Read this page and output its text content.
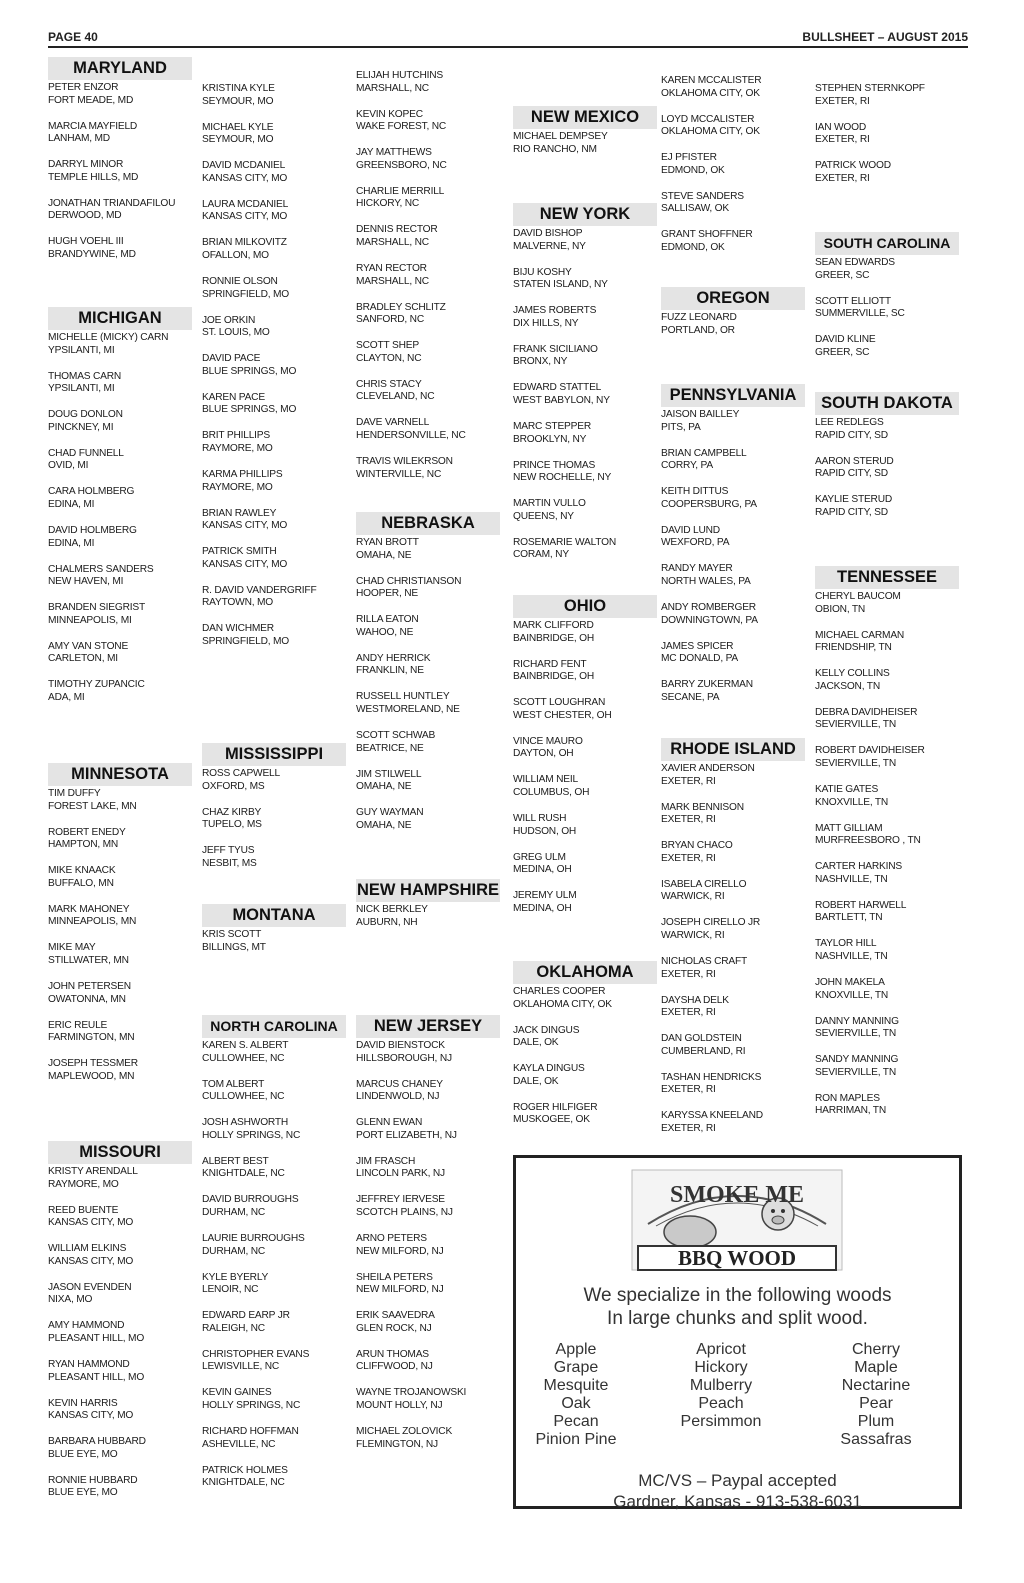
PAGE 40	BULLSHEET – AUGUST 2015
MARYLAND
PETER ENZOR
FORT MEADE, MD
MARCIA MAYFIELD
LANHAM, MD
DARRYL MINOR
TEMPLE HILLS, MD
JONATHAN TRIANDAFILOU
DERWOOD, MD
HUGH VOEHL III
BRANDYWINE, MD
MICHIGAN
MICHELLE (MICKY) CARN
YPSILANTI, MI
THOMAS CARN
YPSILANTI, MI
DOUG DONLON
PINCKNEY, MI
CHAD FUNNELL
OVID, MI
CARA HOLMBERG
EDINA, MI
DAVID HOLMBERG
EDINA, MI
CHALMERS SANDERS
NEW HAVEN, MI
BRANDEN SIEGRIST
MINNEAPOLIS, MI
AMY VAN STONE
CARLETON, MI
TIMOTHY ZUPANCIC
ADA, MI
MINNESOTA
TIM DUFFY
FOREST LAKE, MN
ROBERT ENEDY
HAMPTON, MN
MIKE KNAACK
BUFFALO, MN
MARK MAHONEY
MINNEAPOLIS, MN
MIKE MAY
STILLWATER, MN
JOHN PETERSEN
OWATONNA, MN
ERIC REULE
FARMINGTON, MN
JOSEPH TESSMER
MAPLEWOOD, MN
MISSOURI
KRISTY ARENDALL
RAYMORE, MO
REED BUENTE
KANSAS CITY, MO
WILLIAM ELKINS
KANSAS CITY, MO
JASON EVENDEN
NIXA, MO
AMY HAMMOND
PLEASANT HILL, MO
RYAN HAMMOND
PLEASANT HILL, MO
KEVIN HARRIS
KANSAS CITY, MO
BARBARA HUBBARD
BLUE EYE, MO
RONNIE HUBBARD
BLUE EYE, MO
KRISTINA KYLE
SEYMOUR, MO
MICHAEL KYLE
SEYMOUR, MO
DAVID MCDANIEL
KANSAS CITY, MO
LAURA MCDANIEL
KANSAS CITY, MO
BRIAN MILKOVITZ
OFALLON, MO
RONNIE OLSON
SPRINGFIELD, MO
JOE ORKIN
ST. LOUIS, MO
DAVID PACE
BLUE SPRINGS, MO
KAREN PACE
BLUE SPRINGS, MO
BRIT PHILLIPS
RAYMORE, MO
KARMA PHILLIPS
RAYMORE, MO
BRIAN RAWLEY
KANSAS CITY, MO
PATRICK SMITH
KANSAS CITY, MO
R. DAVID VANDERGRIFF
RAYTOWN, MO
DAN WICHMER
SPRINGFIELD, MO
MISSISSIPPI
ROSS CAPWELL
OXFORD, MS
CHAZ KIRBY
TUPELO, MS
JEFF TYUS
NESBIT, MS
MONTANA
KRIS SCOTT
BILLINGS, MT
NORTH CAROLINA
KAREN S. ALBERT
CULLOWHEE, NC
TOM ALBERT
CULLOWHEE, NC
JOSH ASHWORTH
HOLLY SPRINGS, NC
ALBERT BEST
KNIGHTDALE, NC
DAVID BURROUGHS
DURHAM, NC
LAURIE BURROUGHS
DURHAM, NC
KYLE BYERLY
LENOIR, NC
EDWARD EARP JR
RALEIGH, NC
CHRISTOPHER EVANS
LEWISVILLE, NC
KEVIN GAINES
HOLLY SPRINGS, NC
RICHARD HOFFMAN
ASHEVILLE, NC
PATRICK HOLMES
KNIGHTDALE, NC
ELIJAH HUTCHINS
MARSHALL, NC
KEVIN KOPEC
WAKE FOREST, NC
JAY MATTHEWS
GREENSBORO, NC
CHARLIE MERRILL
HICKORY, NC
DENNIS RECTOR
MARSHALL, NC
RYAN RECTOR
MARSHALL, NC
BRADLEY SCHLITZ
SANFORD, NC
SCOTT SHEP
CLAYTON, NC
CHRIS STACY
CLEVELAND, NC
DAVE VARNELL
HENDERSONVILLE, NC
TRAVIS WILEKRSON
WINTERVILLE, NC
NEBRASKA
RYAN BROTT
OMAHA, NE
CHAD CHRISTIANSON
HOOPER, NE
RILLA EATON
WAHOO, NE
ANDY HERRICK
FRANKLIN, NE
RUSSELL HUNTLEY
WESTMORELAND, NE
SCOTT SCHWAB
BEATRICE, NE
JIM STILWELL
OMAHA, NE
GUY WAYMAN
OMAHA, NE
NEW HAMPSHIRE
NICK BERKLEY
AUBURN, NH
NEW JERSEY
DAVID BIENSTOCK
HILLSBOROUGH, NJ
MARCUS CHANEY
LINDENWOLD, NJ
GLENN EWAN
PORT ELIZABETH, NJ
JIM FRASCH
LINCOLN PARK, NJ
JEFFREY IERVESE
SCOTCH PLAINS, NJ
ARNO PETERS
NEW MILFORD, NJ
SHEILA PETERS
NEW MILFORD, NJ
ERIK SAAVEDRA
GLEN ROCK, NJ
ARUN THOMAS
CLIFFWOOD, NJ
WAYNE TROJANOWSKI
MOUNT HOLLY, NJ
MICHAEL ZOLOVICK
FLEMINGTON, NJ
NEW MEXICO
MICHAEL DEMPSEY
RIO RANCHO, NM
NEW YORK
DAVID BISHOP
MALVERNE, NY
BIJU KOSHY
STATEN ISLAND, NY
JAMES ROBERTS
DIX HILLS, NY
FRANK SICILIANO
BRONX, NY
EDWARD STATTEL
WEST BABYLON, NY
MARC STEPPER
BROOKLYN, NY
PRINCE THOMAS
NEW ROCHELLE, NY
MARTIN VULLO
QUEENS, NY
ROSEMARIE WALTON
CORAM, NY
OHIO
MARK CLIFFORD
BAINBRIDGE, OH
RICHARD FENT
BAINBRIDGE, OH
SCOTT LOUGHRAN
WEST CHESTER, OH
VINCE MAURO
DAYTON, OH
WILLIAM NEIL
COLUMBUS, OH
WILL RUSH
HUDSON, OH
GREG ULM
MEDINA, OH
JEREMY ULM
MEDINA, OH
OKLAHOMA
CHARLES COOPER
OKLAHOMA CITY, OK
JACK DINGUS
DALE, OK
KAYLA DINGUS
DALE, OK
ROGER HILFIGER
MUSKOGEE, OK
KAREN MCCALISTER
OKLAHOMA CITY, OK
LOYD MCCALISTER
OKLAHOMA CITY, OK
EJ PFISTER
EDMOND, OK
STEVE SANDERS
SALLISAW, OK
GRANT SHOFFNER
EDMOND, OK
OREGON
FUZZ LEONARD
PORTLAND, OR
PENNSYLVANIA
JAISON BAILLEY
PITS, PA
BRIAN CAMPBELL
CORRY, PA
KEITH DITTUS
COOPERSBURG, PA
DAVID LUND
WEXFORD, PA
RANDY MAYER
NORTH WALES, PA
ANDY ROMBERGER
DOWNINGTOWN, PA
JAMES SPICER
MC DONALD, PA
BARRY ZUKERMAN
SECANE, PA
RHODE ISLAND
XAVIER ANDERSON
EXETER, RI
MARK BENNISON
EXETER, RI
BRYAN CHACO
EXETER, RI
ISABELA CIRELLO
WARWICK, RI
JOSEPH CIRELLO JR
WARWICK, RI
NICHOLAS CRAFT
EXETER, RI
DAYSHA DELK
EXETER, RI
DAN GOLDSTEIN
CUMBERLAND, RI
TASHAN HENDRICKS
EXETER, RI
KARYSSA KNEELAND
EXETER, RI
STEPHEN STERNKOPF
EXETER, RI
IAN WOOD
EXETER, RI
PATRICK WOOD
EXETER, RI
SOUTH CAROLINA
SEAN EDWARDS
GREER, SC
SCOTT ELLIOTT
SUMMERVILLE, SC
DAVID KLINE
GREER, SC
SOUTH DAKOTA
LEE REDLEGS
RAPID CITY, SD
AARON STERUD
RAPID CITY, SD
KAYLIE STERUD
RAPID CITY, SD
TENNESSEE
CHERYL BAUCOM
OBION, TN
MICHAEL CARMAN
FRIENDSHIP, TN
KELLY COLLINS
JACKSON, TN
DEBRA DAVIDHEISER
SEVIERVILLE, TN
ROBERT DAVIDHEISER
SEVIERVILLE, TN
KATIE GATES
KNOXVILLE, TN
MATT GILLIAM
MURFREESBORO , TN
CARTER HARKINS
NASHVILLE, TN
ROBERT HARWELL
BARTLETT, TN
TAYLOR HILL
NASHVILLE, TN
JOHN MAKELA
KNOXVILLE, TN
DANNY MANNING
SEVIERVILLE, TN
SANDY MANNING
SEVIERVILLE, TN
RON MAPLES
HARRIMAN, TN
SMOKE ME
BBQ WOOD
We specialize in the following woods
In large chunks and split wood.
Apple
Grape
Mesquite
Oak
Pecan
Pinion Pine
Apricot
Hickory
Mulberry
Peach
Persimmon
Cherry
Maple
Nectarine
Pear
Plum
Sassafras
MC/VS – Paypal accepted
Gardner, Kansas - 913-538-6031
